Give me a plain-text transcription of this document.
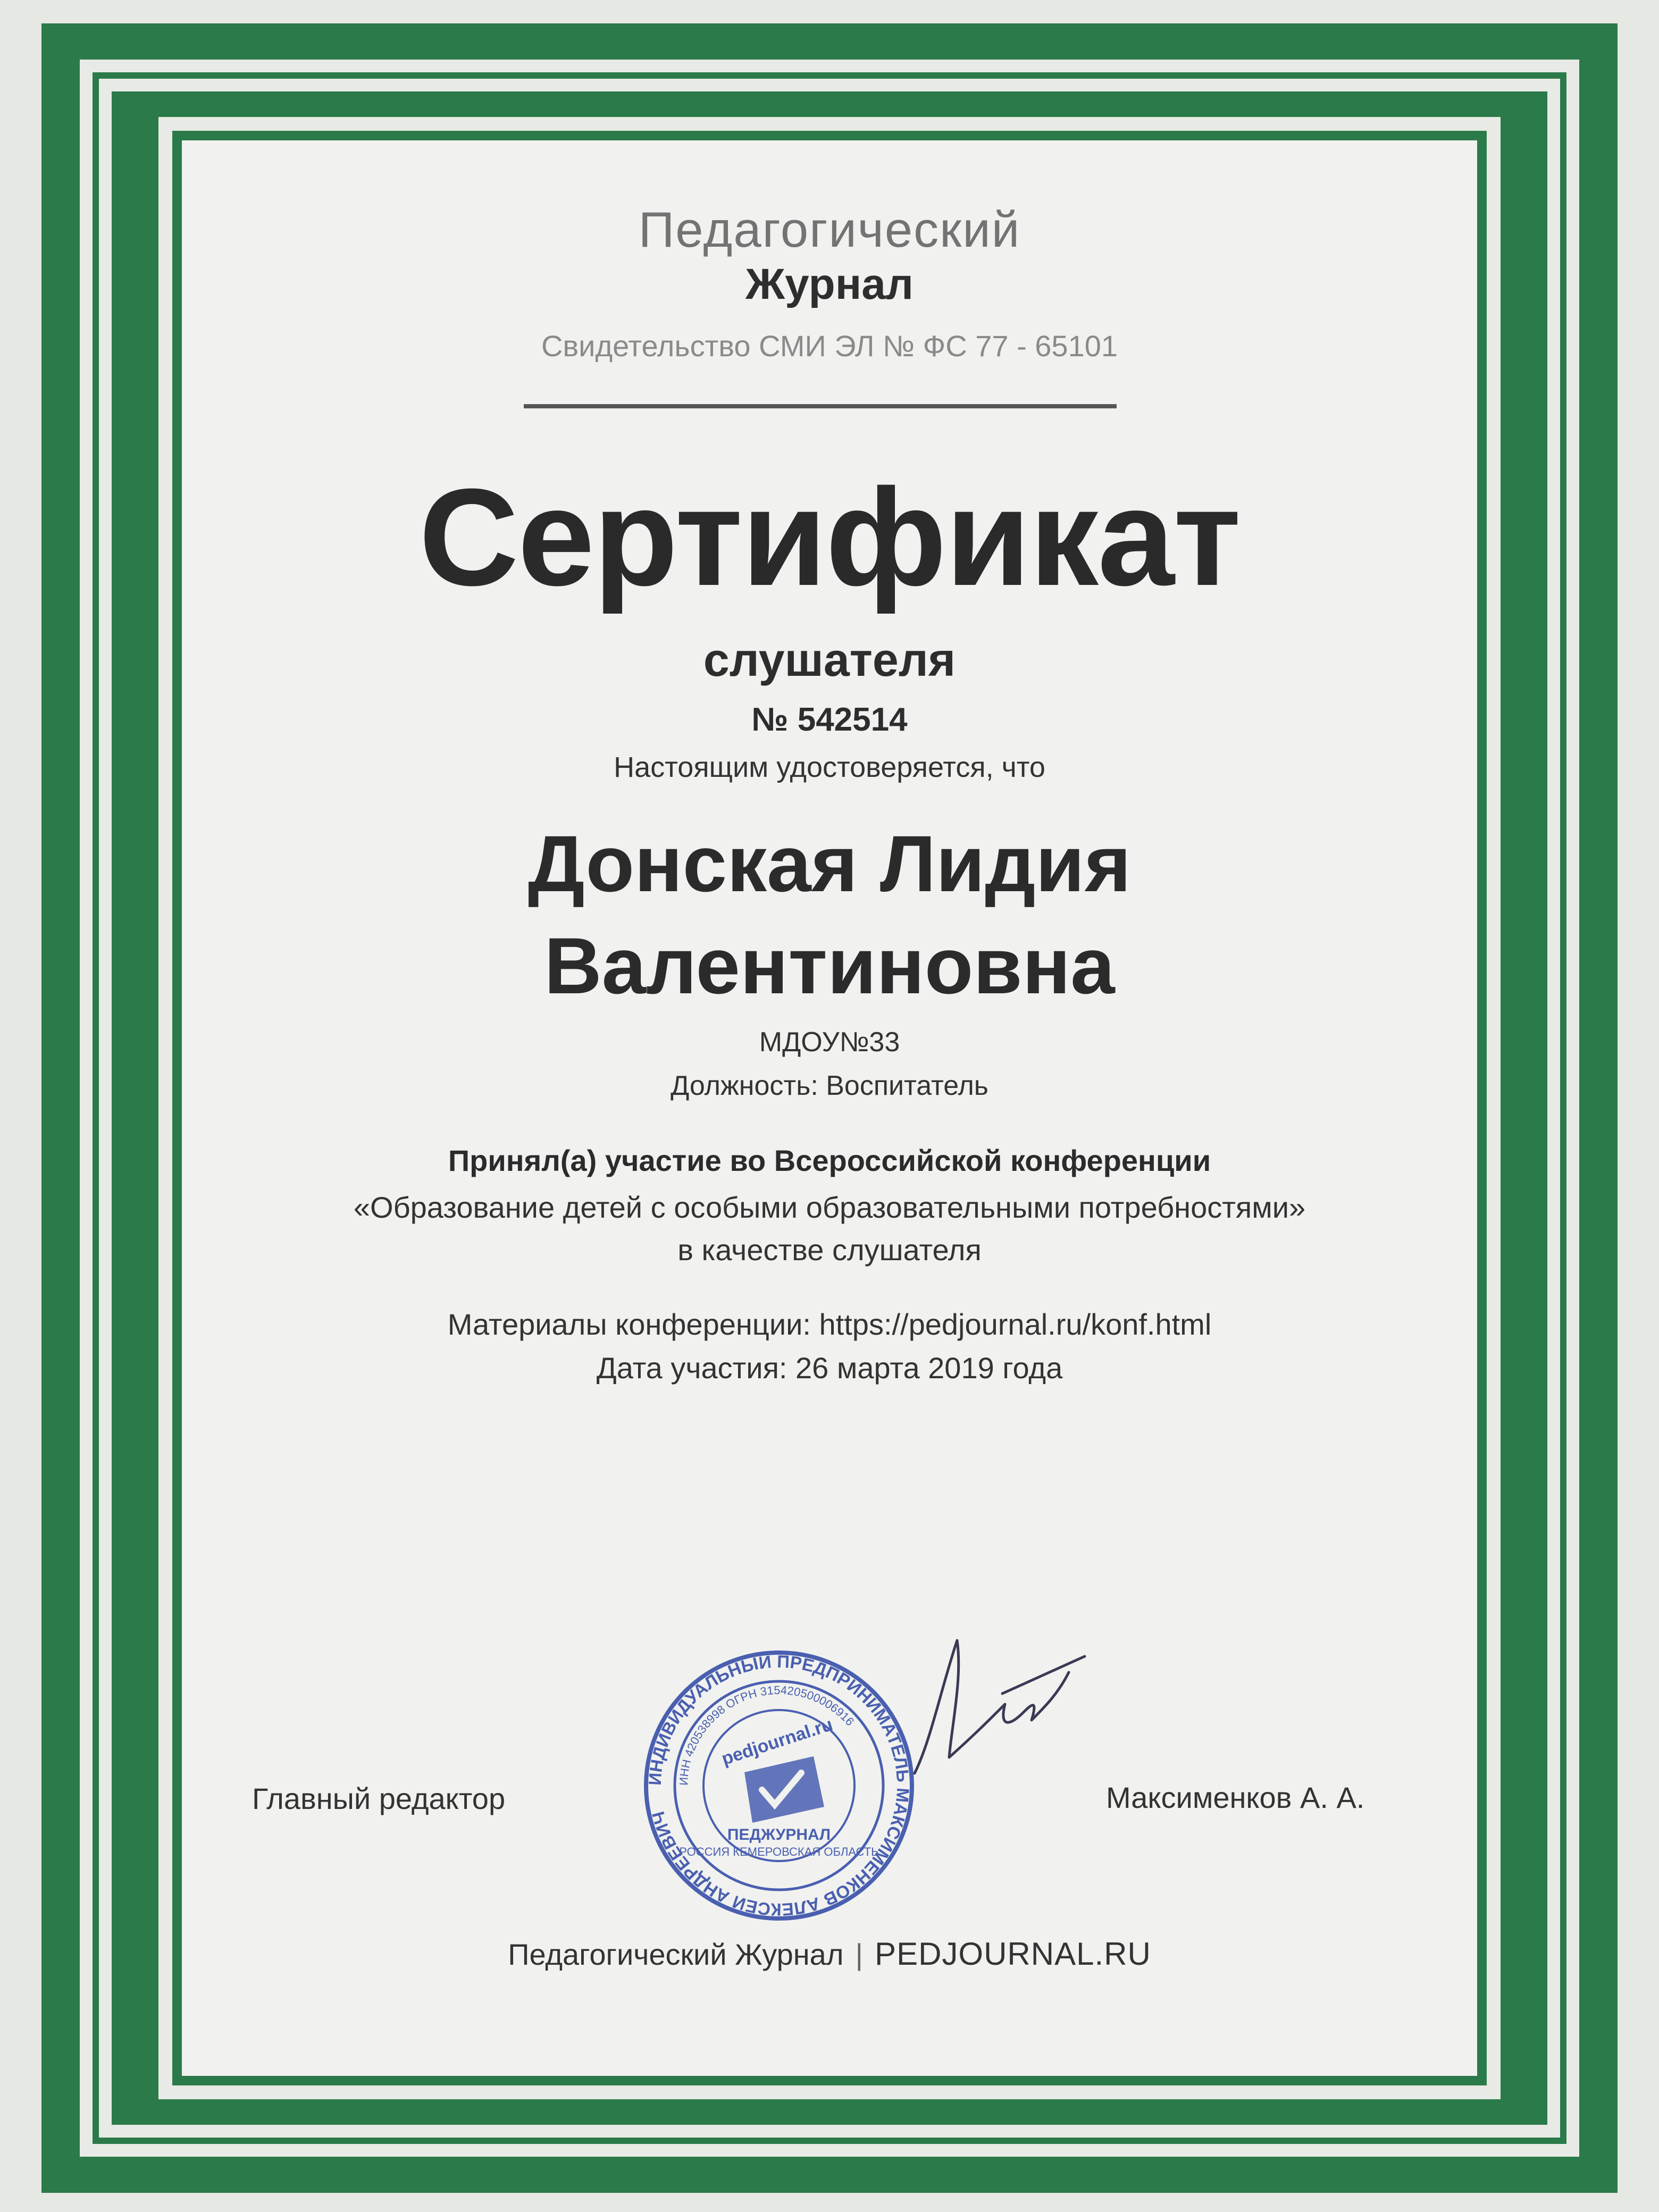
Педагогический
Журнал
Свидетельство СМИ ЭЛ № ФС 77 - 65101
Сертификат
слушателя
№ 542514
Настоящим удостоверяется, что
Донская Лидия
Валентиновна
МДОУ№33
Должность: Воспитатель
Принял(а) участие во Всероссийской конференции
«Образование детей с особыми образовательными потребностями»
в качестве слушателя
Материалы конференции: https://pedjournal.ru/konf.html
Дата участия: 26 марта 2019 года
Главный редактор	Максименков А. А.
ИНДИВИДУАЛЬНЫЙ ПРЕДПРИНИМАТЕЛЬ МАКСИМЕНКОВ АЛЕКСЕЙ АНДРЕЕВИЧ
ИНН 420538998 ОГРН 315420500006916
РОССИЯ КЕМЕРОВСКАЯ ОБЛАСТЬ
pedjournal.ru
ПЕДЖУРНАЛ
Педагогический Журнал | PEDJOURNAL.RU
